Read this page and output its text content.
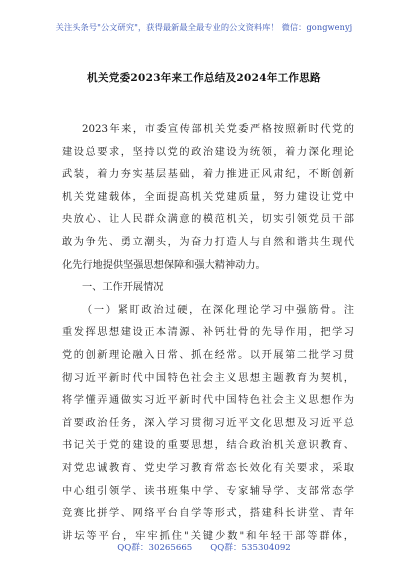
关注头条号"公文研究"，获得最新最全最专业的公文资料库！ 微信：gongwenyj
机关党委2023年来工作总结及2024年工作思路
2023年来，市委宣传部机关党委严格按照新时代党的
建设总要求，坚持以党的政治建设为统领，着力深化理论
武装，着力夯实基层基础，着力推进正风肃纪，不断创新
机关党建载体，全面提高机关党建质量，努力建设让党中
央放心、让人民群众满意的模范机关，切实引领党员干部
敢为争先、勇立潮头，为奋力打造人与自然和谐共生现代
化先行地提供坚强思想保障和强大精神动力。
一、工作开展情况
（一）紧盯政治过硬，在深化理论学习中强筋骨。注
重发挥思想建设正本清源、补钙壮骨的先导作用，把学习
党的创新理论融入日常、抓在经常。以开展第二批学习贯
彻习近平新时代中国特色社会主义思想主题教育为契机，
将学懂弄通做实习近平新时代中国特色社会主义思想作为
首要政治任务，深入学习贯彻习近平文化思想及习近平总
书记关于党的建设的重要思想，结合政治机关意识教育、
对党忠诚教育、党史学习教育常态长效化有关要求，采取
中心组引领学、读书班集中学、专家辅导学、支部常态学
竞赛比拼学、网络平台自学等形式，搭建科长讲堂、青年
讲坛等平台，牢牢抓住"关键少数"和年轻干部等群体，
QQ群：30265665 QQ群：535304092
